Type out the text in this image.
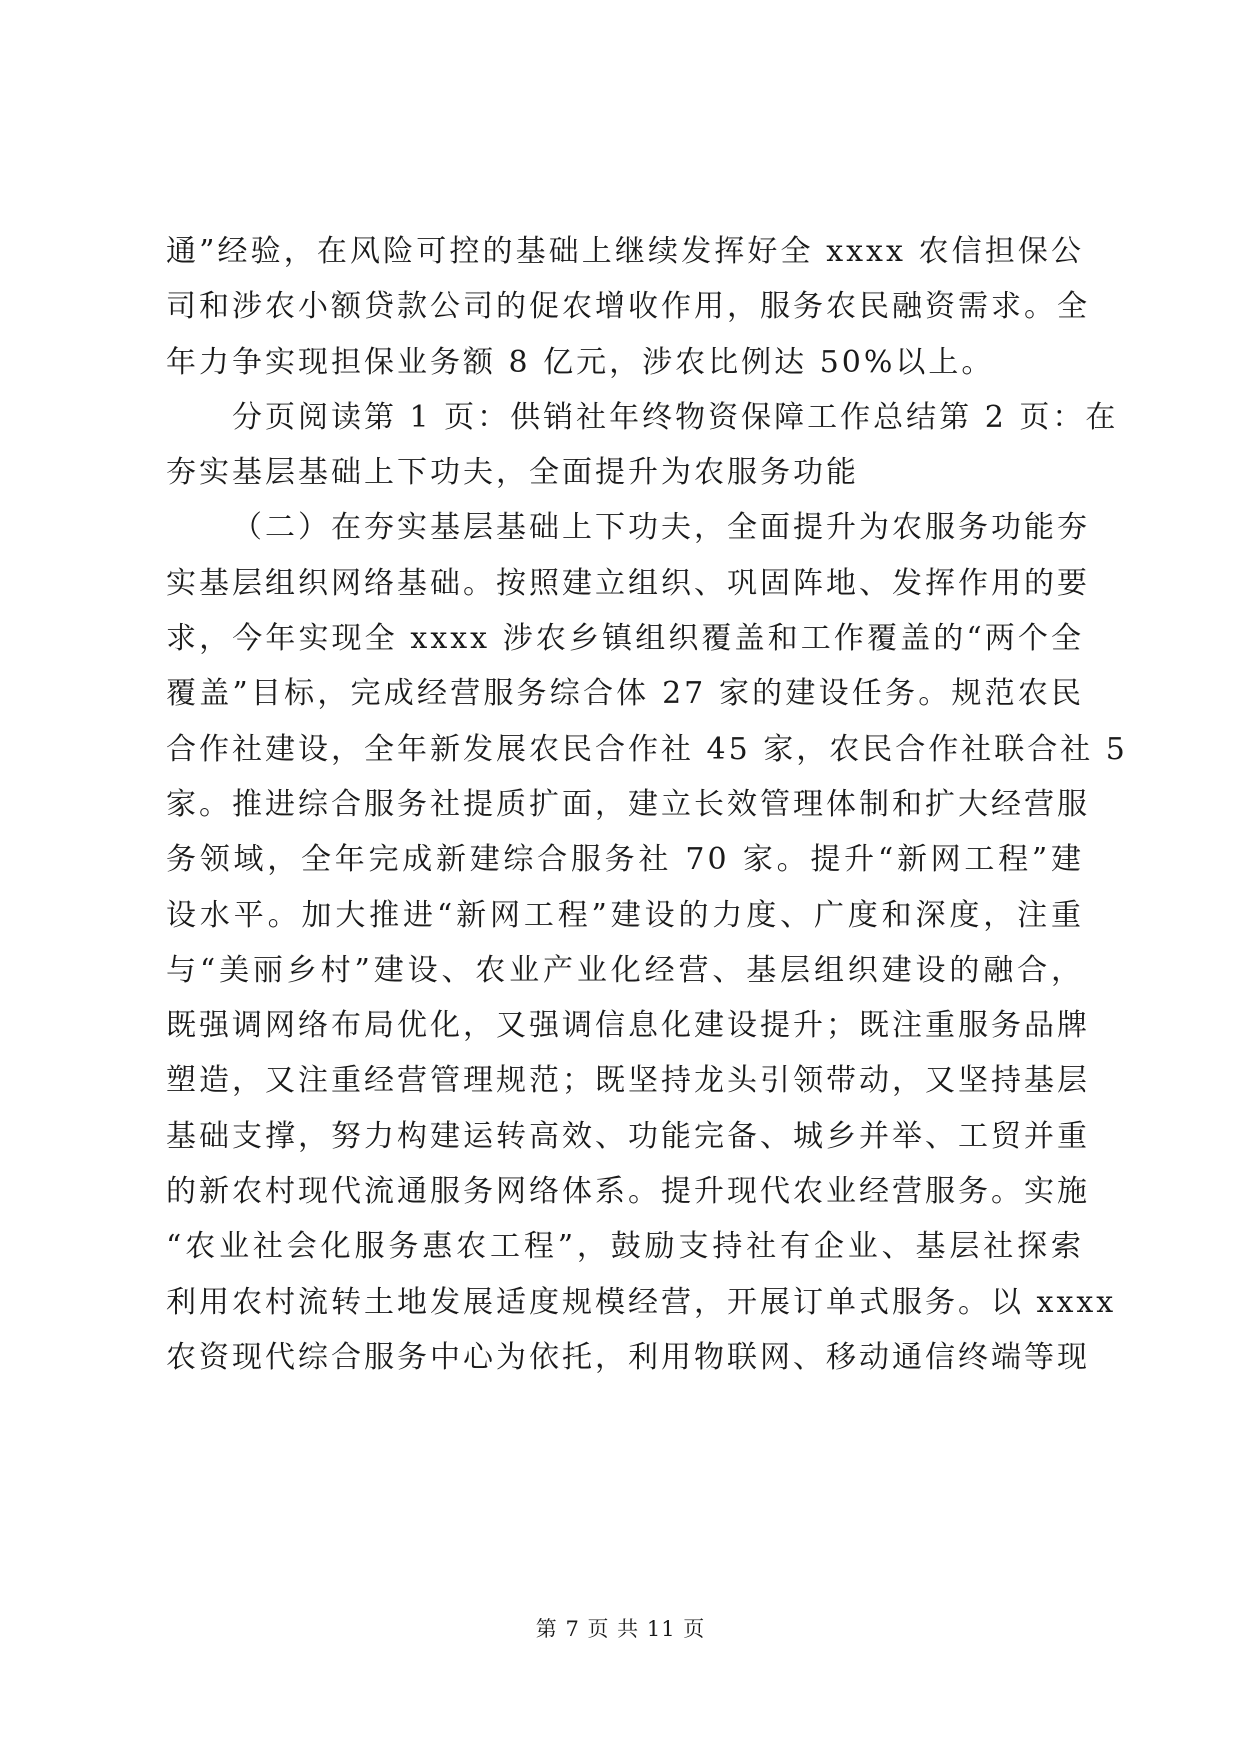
通”经验，在风险可控的基础上继续发挥好全 xxxx 农信担保公
司和涉农小额贷款公司的促农增收作用，服务农民融资需求。全
年力争实现担保业务额 8 亿元，涉农比例达 50%以上。
分页阅读第 1 页：供销社年终物资保障工作总结第 2 页：在
夯实基层基础上下功夫，全面提升为农服务功能
（二）在夯实基层基础上下功夫，全面提升为农服务功能夯
实基层组织网络基础。按照建立组织、巩固阵地、发挥作用的要
求，今年实现全 xxxx 涉农乡镇组织覆盖和工作覆盖的“两个全
覆盖”目标，完成经营服务综合体 27 家的建设任务。规范农民
合作社建设，全年新发展农民合作社 45 家，农民合作社联合社 5
家。推进综合服务社提质扩面，建立长效管理体制和扩大经营服
务领域，全年完成新建综合服务社 70 家。提升“新网工程”建
设水平。加大推进“新网工程”建设的力度、广度和深度，注重
与“美丽乡村”建设、农业产业化经营、基层组织建设的融合，
既强调网络布局优化，又强调信息化建设提升；既注重服务品牌
塑造，又注重经营管理规范；既坚持龙头引领带动，又坚持基层
基础支撑，努力构建运转高效、功能完备、城乡并举、工贸并重
的新农村现代流通服务网络体系。提升现代农业经营服务。实施
“农业社会化服务惠农工程”，鼓励支持社有企业、基层社探索
利用农村流转土地发展适度规模经营，开展订单式服务。以 xxxx
农资现代综合服务中心为依托，利用物联网、移动通信终端等现
第 7 页 共 11 页
